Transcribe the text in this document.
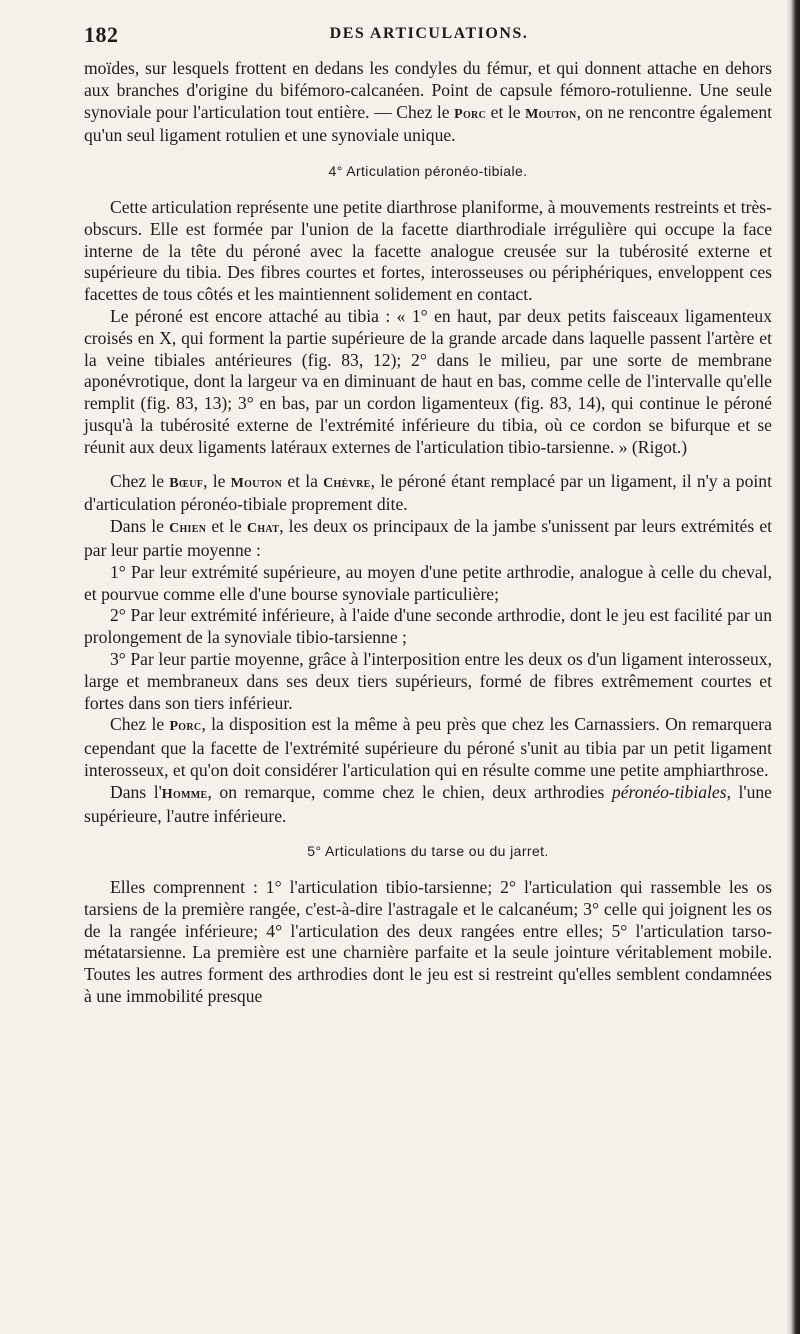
182	DES ARTICULATIONS.

moïdes, sur lesquels frottent en dedans les condyles du fémur, et qui donnent attache en dehors aux branches d'origine du bifémoro-calcanéen. Point de capsule fémoro-rotulienne. Une seule synoviale pour l'articulation tout entière. — Chez le Porc et le Mouton, on ne rencontre également qu'un seul ligament rotulien et une synoviale unique.

4° Articulation péronéo-tibiale.

Cette articulation représente une petite diarthrose planiforme, à mouvements restreints et très-obscurs. Elle est formée par l'union de la facette diarthrodiale irrégulière qui occupe la face interne de la tête du péroné avec la facette analogue creusée sur la tubérosité externe et supérieure du tibia. Des fibres courtes et fortes, interosseuses ou périphériques, enveloppent ces facettes de tous côtés et les maintiennent solidement en contact.

Le péroné est encore attaché au tibia : « 1° en haut, par deux petits faisceaux ligamenteux croisés en X, qui forment la partie supérieure de la grande arcade dans laquelle passent l'artère et la veine tibiales antérieures (fig. 83, 12); 2° dans le milieu, par une sorte de membrane aponévrotique, dont la largeur va en diminuant de haut en bas, comme celle de l'intervalle qu'elle remplit (fig. 83, 13); 3° en bas, par un cordon ligamenteux (fig. 83, 14), qui continue le péroné jusqu'à la tubérosité externe de l'extrémité inférieure du tibia, où ce cordon se bifurque et se réunit aux deux ligaments latéraux externes de l'articulation tibio-tarsienne. » (Rigot.)

Chez le Bœuf, le Mouton et la Chèvre, le péroné étant remplacé par un ligament, il n'y a point d'articulation péronéo-tibiale proprement dite.

Dans le Chien et le Chat, les deux os principaux de la jambe s'unissent par leurs extrémités et par leur partie moyenne :

1° Par leur extrémité supérieure, au moyen d'une petite arthrodie, analogue à celle du cheval, et pourvue comme elle d'une bourse synoviale particulière;

2° Par leur extrémité inférieure, à l'aide d'une seconde arthrodie, dont le jeu est facilité par un prolongement de la synoviale tibio-tarsienne ;

3° Par leur partie moyenne, grâce à l'interposition entre les deux os d'un ligament interosseux, large et membraneux dans ses deux tiers supérieurs, formé de fibres extrêmement courtes et fortes dans son tiers inférieur.

Chez le Porc, la disposition est la même à peu près que chez les Carnassiers. On remarquera cependant que la facette de l'extrémité supérieure du péroné s'unit au tibia par un petit ligament interosseux, et qu'on doit considérer l'articulation qui en résulte comme une petite amphiarthrose.

Dans l'Homme, on remarque, comme chez le chien, deux arthrodies péronéo-tibiales, l'une supérieure, l'autre inférieure.

5° Articulations du tarse ou du jarret.

Elles comprennent : 1° l'articulation tibio-tarsienne; 2° l'articulation qui rassemble les os tarsiens de la première rangée, c'est-à-dire l'astragale et le calcanéum; 3° celle qui joignent les os de la rangée inférieure; 4° l'articulation des deux rangées entre elles; 5° l'articulation tarso-métatarsienne. La première est une charnière parfaite et la seule jointure véritablement mobile. Toutes les autres forment des arthrodies dont le jeu est si restreint qu'elles semblent condamnées à une immobilité presque
